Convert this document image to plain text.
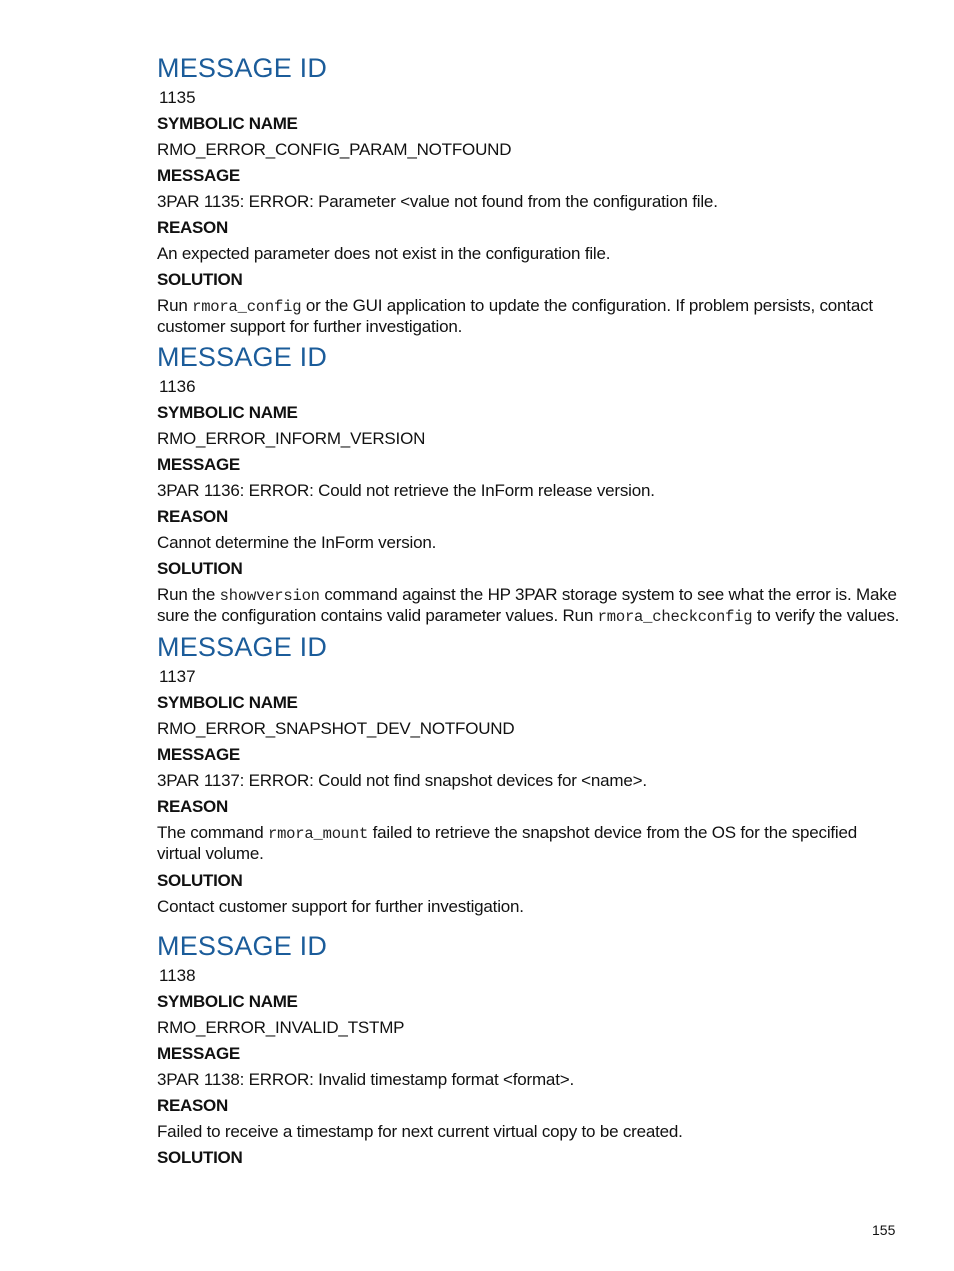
MESSAGE ID
1135
SYMBOLIC NAME
RMO_ERROR_CONFIG_PARAM_NOTFOUND
MESSAGE
3PAR 1135: ERROR: Parameter <value not found from the configuration file.
REASON
An expected parameter does not exist in the configuration file.
SOLUTION
Run rmora_config or the GUI application to update the configuration. If problem persists, contact customer support for further investigation.
MESSAGE ID
1136
SYMBOLIC NAME
RMO_ERROR_INFORM_VERSION
MESSAGE
3PAR 1136: ERROR: Could not retrieve the InForm release version.
REASON
Cannot determine the InForm version.
SOLUTION
Run the showversion command against the HP 3PAR storage system to see what the error is. Make sure the configuration contains valid parameter values. Run rmora_checkconfig to verify the values.
MESSAGE ID
1137
SYMBOLIC NAME
RMO_ERROR_SNAPSHOT_DEV_NOTFOUND
MESSAGE
3PAR 1137: ERROR: Could not find snapshot devices for <name>.
REASON
The command rmora_mount failed to retrieve the snapshot device from the OS for the specified virtual volume.
SOLUTION
Contact customer support for further investigation.
MESSAGE ID
1138
SYMBOLIC NAME
RMO_ERROR_INVALID_TSTMP
MESSAGE
3PAR 1138: ERROR: Invalid timestamp format <format>.
REASON
Failed to receive a timestamp for next current virtual copy to be created.
SOLUTION
155
